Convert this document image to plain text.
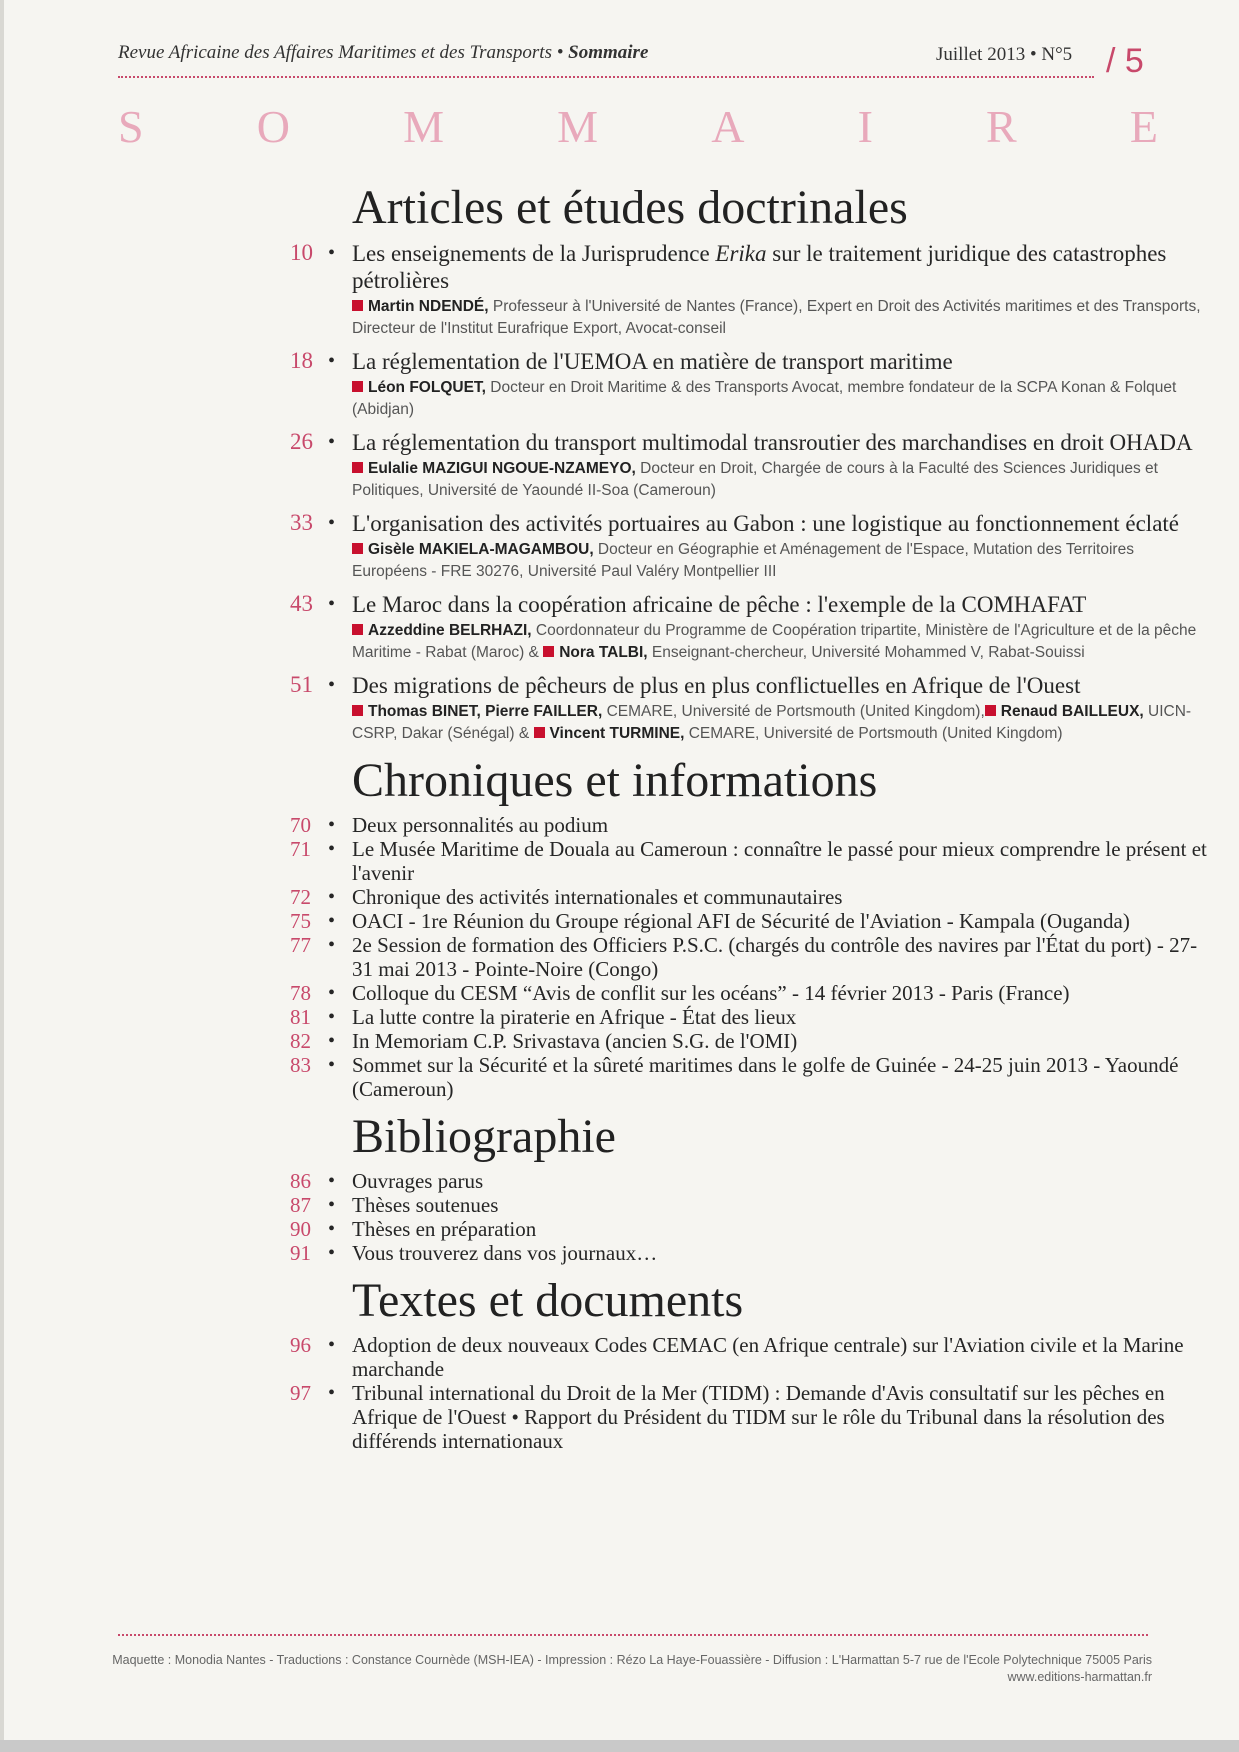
Revue Africaine des Affaires Maritimes et des Transports • Sommaire	Juillet 2013 • N°5 / 5
S O M M A I R E
Articles et études doctrinales
10 • Les enseignements de la Jurisprudence Erika sur le traitement juridique des catastrophes pétrolières
Martin NDENDÉ, Professeur à l'Université de Nantes (France), Expert en Droit des Activités maritimes et des Transports, Directeur de l'Institut Eurafrique Export, Avocat-conseil
18 • La réglementation de l'UEMOA en matière de transport maritime
Léon FOLQUET, Docteur en Droit Maritime & des Transports Avocat, membre fondateur de la SCPA Konan & Folquet (Abidjan)
26 • La réglementation du transport multimodal transroutier des marchandises en droit OHADA
Eulalie MAZIGUI NGOUE-NZAMEYO, Docteur en Droit, Chargée de cours à la Faculté des Sciences Juridiques et Politiques, Université de Yaoundé II-Soa (Cameroun)
33 • L'organisation des activités portuaires au Gabon : une logistique au fonctionnement éclaté
Gisèle MAKIELA-MAGAMBOU, Docteur en Géographie et Aménagement de l'Espace, Mutation des Territoires Européens - FRE 30276, Université Paul Valéry Montpellier III
43 • Le Maroc dans la coopération africaine de pêche : l'exemple de la COMHAFAT
Azzeddine BELRHAZI, Coordonnateur du Programme de Coopération tripartite, Ministère de l'Agriculture et de la pêche Maritime - Rabat (Maroc) & Nora TALBI, Enseignant-chercheur, Université Mohammed V, Rabat-Souissi
51 • Des migrations de pêcheurs de plus en plus conflictuelles en Afrique de l'Ouest
Thomas BINET, Pierre FAILLER, CEMARE, Université de Portsmouth (United Kingdom), Renaud BAILLEUX, UICN-CSRP, Dakar (Sénégal) & Vincent TURMINE, CEMARE, Université de Portsmouth (United Kingdom)
Chroniques et informations
70 • Deux personnalités au podium
71 • Le Musée Maritime de Douala au Cameroun : connaître le passé pour mieux comprendre le présent et l'avenir
72 • Chronique des activités internationales et communautaires
75 • OACI - 1re Réunion du Groupe régional AFI de Sécurité de l'Aviation - Kampala (Ouganda)
77 • 2e Session de formation des Officiers P.S.C. (chargés du contrôle des navires par l'État du port) - 27-31 mai 2013 - Pointe-Noire (Congo)
78 • Colloque du CESM “Avis de conflit sur les océans” - 14 février 2013 - Paris (France)
81 • La lutte contre la piraterie en Afrique - État des lieux
82 • In Memoriam C.P. Srivastava (ancien S.G. de l'OMI)
83 • Sommet sur la Sécurité et la sûreté maritimes dans le golfe de Guinée - 24-25 juin 2013 - Yaoundé (Cameroun)
Bibliographie
86 • Ouvrages parus
87 • Thèses soutenues
90 • Thèses en préparation
91 • Vous trouverez dans vos journaux…
Textes et documents
96 • Adoption de deux nouveaux Codes CEMAC (en Afrique centrale) sur l'Aviation civile et la Marine marchande
97 • Tribunal international du Droit de la Mer (TIDM) : Demande d'Avis consultatif sur les pêches en Afrique de l'Ouest • Rapport du Président du TIDM sur le rôle du Tribunal dans la résolution des différends internationaux
Maquette : Monodia Nantes - Traductions : Constance Cournède (MSH-IEA) - Impression : Rézo La Haye-Fouassière - Diffusion : L'Harmattan 5-7 rue de l'Ecole Polytechnique 75005 Paris
www.editions-harmattan.fr
